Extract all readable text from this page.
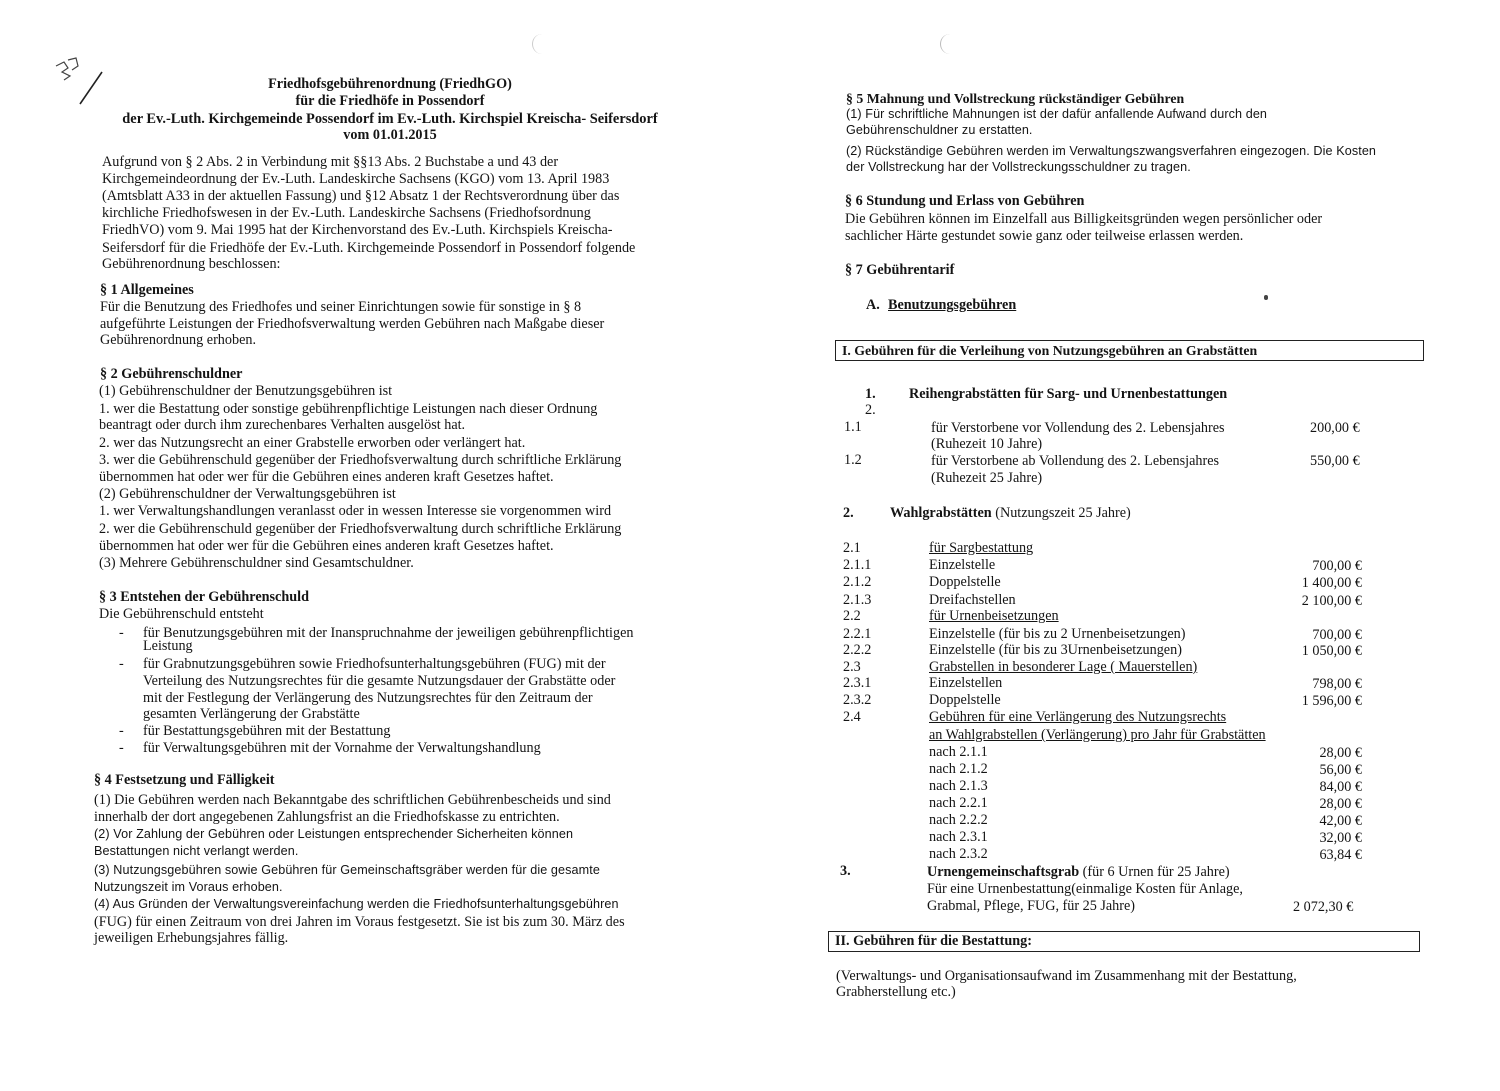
Friedhofsgebührenordnung (FriedhGO)
für die Friedhöfe in Possendorf
der Ev.-Luth. Kirchgemeinde Possendorf im Ev.-Luth. Kirchspiel Kreischa- Seifersdorf
vom 01.01.2015
Aufgrund von § 2 Abs. 2 in Verbindung mit §§13 Abs. 2 Buchstabe a und 43 der
Kirchgemeindeordnung der Ev.-Luth. Landeskirche Sachsens (KGO) vom 13. April 1983
(Amtsblatt A33 in der aktuellen Fassung) und §12 Absatz 1 der Rechtsverordnung über das
kirchliche Friedhofswesen in der Ev.-Luth. Landeskirche Sachsens (Friedhofsordnung
FriedhVO) vom 9. Mai 1995 hat der Kirchenvorstand des Ev.-Luth. Kirchspiels Kreischa-
Seifersdorf für die Friedhöfe der Ev.-Luth. Kirchgemeinde Possendorf in Possendorf folgende
Gebührenordnung beschlossen:
§ 1 Allgemeines
Für die Benutzung des Friedhofes und seiner Einrichtungen sowie für sonstige in § 8
aufgeführte Leistungen der Friedhofsverwaltung werden Gebühren nach Maßgabe dieser
Gebührenordnung erhoben.
§ 2 Gebührenschuldner
(1) Gebührenschuldner der Benutzungsgebühren ist
1. wer die Bestattung oder sonstige gebührenpflichtige Leistungen nach dieser Ordnung
beantragt oder durch ihm zurechenbares Verhalten ausgelöst hat.
2. wer das Nutzungsrecht an einer Grabstelle erworben oder verlängert hat.
3. wer die Gebührenschuld gegenüber der Friedhofsverwaltung durch schriftliche Erklärung
übernommen hat oder wer für die Gebühren eines anderen kraft Gesetzes haftet.
(2) Gebührenschuldner der Verwaltungsgebühren ist
1. wer Verwaltungshandlungen veranlasst oder in wessen Interesse sie vorgenommen wird
2. wer die Gebührenschuld gegenüber der Friedhofsverwaltung durch schriftliche Erklärung
übernommen hat oder wer für die Gebühren eines anderen kraft Gesetzes haftet.
(3) Mehrere Gebührenschuldner sind Gesamtschuldner.
§ 3 Entstehen der Gebührenschuld
Die Gebührenschuld entsteht
- für Benutzungsgebühren mit der Inanspruchnahme der jeweiligen gebührenpflichtigen
Leistung
- für Grabnutzungsgebühren sowie Friedhofsunterhaltungsgebühren (FUG) mit der
Verteilung des Nutzungsrechtes für die gesamte Nutzungsdauer der Grabstätte oder
mit der Festlegung der Verlängerung des Nutzungsrechtes für den Zeitraum der
gesamten Verlängerung der Grabstätte
- für Bestattungsgebühren mit der Bestattung
- für Verwaltungsgebühren mit der Vornahme der Verwaltungshandlung
§ 4 Festsetzung und Fälligkeit
(1) Die Gebühren werden nach Bekanntgabe des schriftlichen Gebührenbescheids und sind
innerhalb der dort angegebenen Zahlungsfrist an die Friedhofskasse zu entrichten.
(2) Vor Zahlung der Gebühren oder Leistungen entsprechender Sicherheiten können
Bestattungen nicht verlangt werden.
(3) Nutzungsgebühren sowie Gebühren für Gemeinschaftsgräber werden für die gesamte
Nutzungszeit im Voraus erhoben.
(4) Aus Gründen der Verwaltungsvereinfachung werden die Friedhofsunterhaltungsgebühren
(FUG) für einen Zeitraum von drei Jahren im Voraus festgesetzt. Sie ist bis zum 30. März des
jeweiligen Erhebungsjahres fällig.
§ 5 Mahnung und Vollstreckung rückständiger Gebühren
(1) Für schriftliche Mahnungen ist der dafür anfallende Aufwand durch den
Gebührenschuldner zu erstatten.
(2) Rückständige Gebühren werden im Verwaltungszwangsverfahren eingezogen. Die Kosten
der Vollstreckung har der Vollstreckungsschuldner zu tragen.
§ 6 Stundung und Erlass von Gebühren
Die Gebühren können im Einzelfall aus Billigkeitsgründen wegen persönlicher oder
sachlicher Härte gestundet sowie ganz oder teilweise erlassen werden.
§ 7 Gebührentarif
A. Benutzungsgebühren
I. Gebühren für die Verleihung von Nutzungsgebühren an Grabstätten
1. Reihengrabstätten für Sarg- und Urnenbestattungen
2.
1.1	für Verstorbene vor Vollendung des 2. Lebensjahres
(Ruhezeit 10 Jahre)
200,00 €
1.2	für Verstorbene ab Vollendung des 2. Lebensjahres
(Ruhezeit 25 Jahre)
550,00 €
2.	Wahlgrabstätten (Nutzungszeit 25 Jahre)
2.1	für Sargbestattung
2.1.1	Einzelstelle	700,00 €
2.1.2	Doppelstelle	1 400,00 €
2.1.3	Dreifachstellen	2 100,00 €
2.2	für Urnenbeisetzungen
2.2.1	Einzelstelle (für bis zu 2 Urnenbeisetzungen)	700,00 €
2.2.2	Einzelstelle (für bis zu 3Urnenbeisetzungen)	1 050,00 €
2.3	Grabstellen in besonderer Lage ( Mauerstellen)
2.3.1	Einzelstellen	798,00 €
2.3.2	Doppelstelle	1 596,00 €
2.4	Gebühren für eine Verlängerung des Nutzungsrechts
an Wahlgrabstellen (Verlängerung) pro Jahr für Grabstätten
nach 2.1.1	28,00 €
nach 2.1.2	56,00 €
nach 2.1.3	84,00 €
nach 2.2.1	28,00 €
nach 2.2.2	42,00 €
nach 2.3.1	32,00 €
nach 2.3.2	63,84 €
3.	Urnengemeinschaftsgrab (für 6 Urnen für 25 Jahre)
Für eine Urnenbestattung(einmalige Kosten für Anlage,
Grabmal, Pflege, FUG, für 25 Jahre)	2 072,30 €
II. Gebühren für die Bestattung:
(Verwaltungs- und Organisationsaufwand im Zusammenhang mit der Bestattung,
Grabherstellung etc.)
